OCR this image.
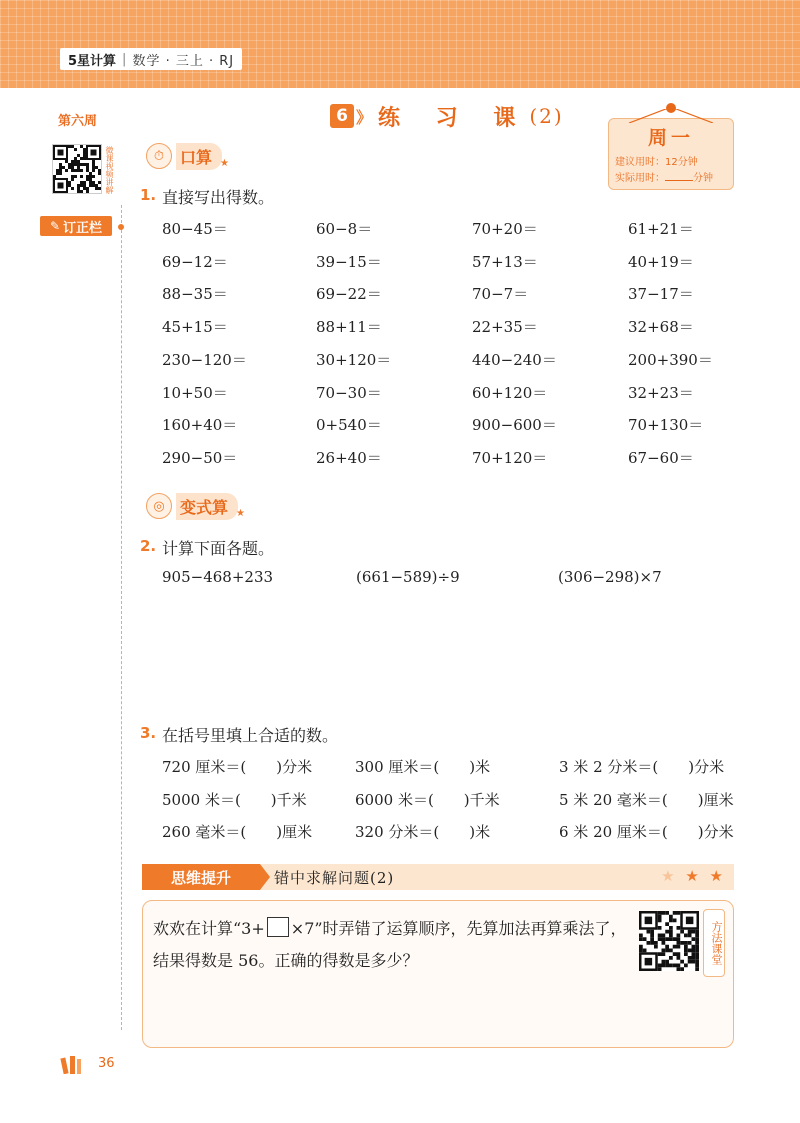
5星计算 | 数学 · 三上 · RJ
第六周
微课视频讲解
✎ 订正栏
6 》 练 习 课 (2)
周一
建议用时：12分钟
实际用时：	分钟
⏱ 口算 ★
1. 直接写出得数。
80−45＝	60−8＝	70+20＝	61+21＝
69−12＝	39−15＝	57+13＝	40+19＝
88−35＝	69−22＝	70−7＝	37−17＝
45+15＝	88+11＝	22+35＝	32+68＝
230−120＝	30+120＝	440−240＝	200+390＝
10+50＝	70−30＝	60+120＝	32+23＝
160+40＝	0+540＝	900−600＝	70+130＝
290−50＝	26+40＝	70+120＝	67−60＝
◎ 变式算 ★
2. 计算下面各题。
905−468+233	(661−589)÷9	(306−298)×7
3. 在括号里填上合适的数。
720 厘米＝(　　)分米	300 厘米＝(　　)米	3 米 2 分米＝(　　)分米
5000 米＝(　　)千米	6000 米＝(　　)千米	5 米 20 毫米＝(　　)厘米
260 毫米＝(　　)厘米	320 分米＝(　　)米	6 米 20 厘米＝(　　)分米
思维提升	错中求解问题(2)	★ ★ ★
欢欢在计算“3+ ×7”时弄错了运算顺序，先算加法再算乘法了，结果得数是 56。正确的得数是多少？	方法课堂
36
